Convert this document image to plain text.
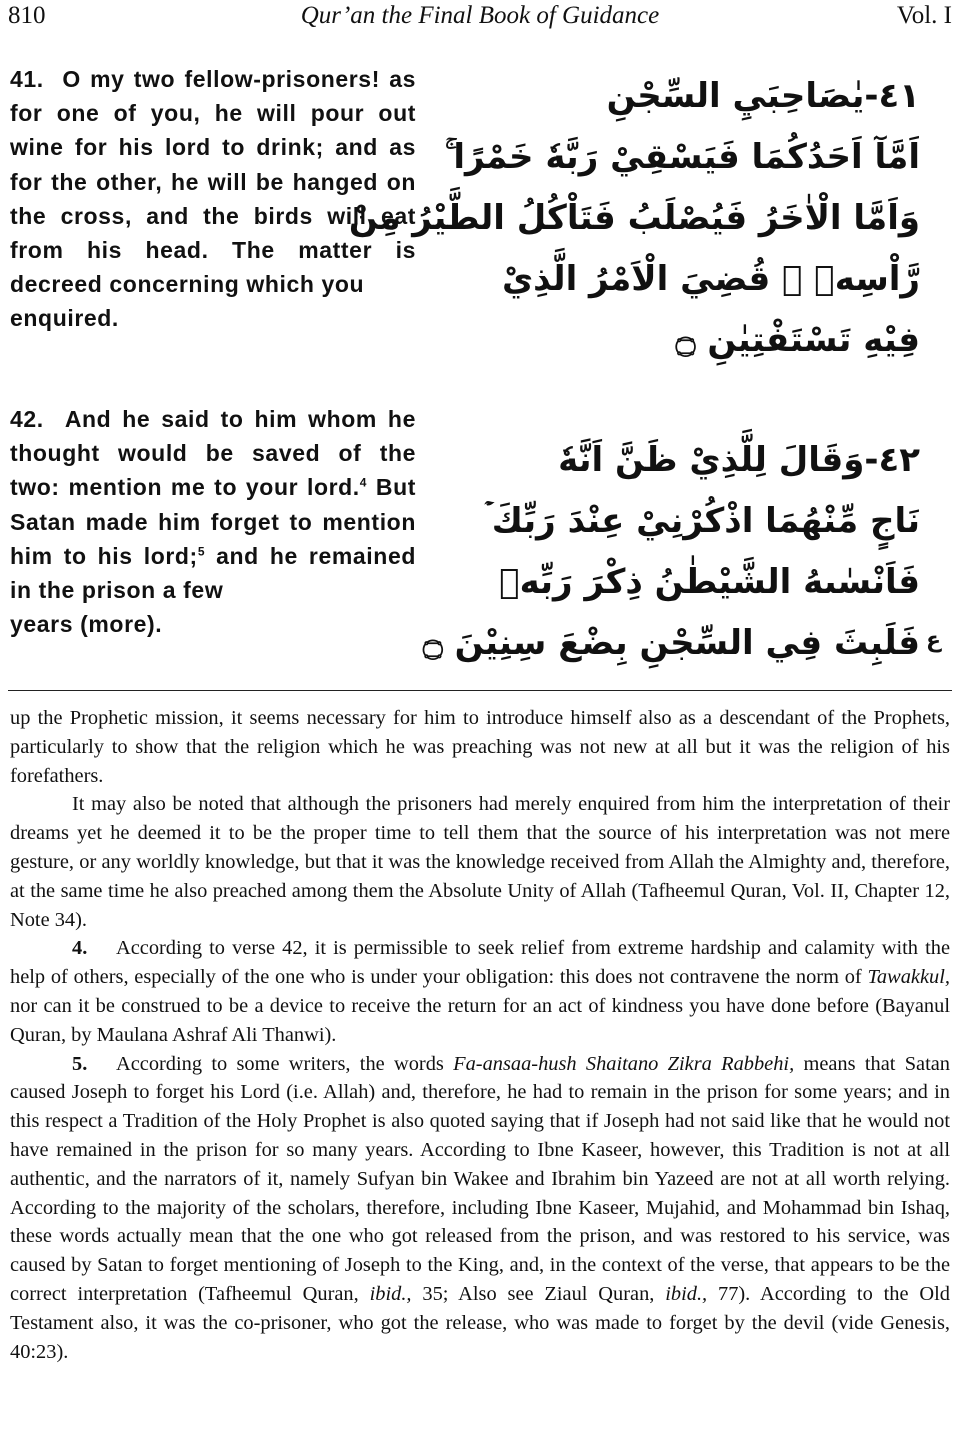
810	Qur’an the Final Book of Guidance	Vol. I
41. O my two fellow-prisoners! as for one of you, he will pour out wine for his lord to drink; and as for the other, he will be hanged on the cross, and the birds will eat from his head. The matter is decreed concerning which you
enquired.
٤١-يٰصَاحِبَيِ السِّجْنِ
اَمَّآ اَحَدُكُمَا فَيَسْقِيْ رَبَّهٗ خَمْرًا ۚ
وَاَمَّا الْاٰخَرُ فَيُصْلَبُ فَتَاْكُلُ الطَّيْرُ مِنْ
رَّاْسِهٖ ۭ قُضِيَ الْاَمْرُ الَّذِيْ
فِيْهِ تَسْتَفْتِيٰنِ ۝
42. And he said to him whom he thought would be saved of the two: mention me to your lord.$^4$ But Satan made him forget to mention him to his lord;$^5$ and he remained in the prison a few
years (more).
٤٢-وَقَالَ لِلَّذِيْ ظَنَّ اَنَّهٗ
نَاجٍ مِّنْهُمَا اذْكُرْنِيْ عِنْدَ رَبِّكَ ۡ
فَاَنْسٰىهُ الشَّيْطٰنُ ذِكْرَ رَبِّهٖ
فَلَبِثَ فِي السِّجْنِ بِضْعَ سِنِيْنَ ۝ ع

up the Prophetic mission, it seems necessary for him to introduce himself also as a descendant of the Prophets, particularly to show that the religion which he was preaching was not new at all but it was the religion of his forefathers.

It may also be noted that although the prisoners had merely enquired from him the interpretation of their dreams yet he deemed it to be the proper time to tell them that the source of his interpretation was not mere gesture, or any worldly knowledge, but that it was the knowledge received from Allah the Almighty and, therefore, at the same time he also preached among them the Absolute Unity of Allah (Tafheemul Quran, Vol. II, Chapter 12, Note 34).

4. According to verse 42, it is permissible to seek relief from extreme hardship and calamity with the help of others, especially of the one who is under your obligation: this does not contravene the norm of Tawakkul, nor can it be construed to be a device to receive the return for an act of kindness you have done before (Bayanul Quran, by Maulana Ashraf Ali Thanwi).

5. According to some writers, the words Fa-ansaa-hush Shaitano Zikra Rabbehi, means that Satan caused Joseph to forget his Lord (i.e. Allah) and, therefore, he had to remain in the prison for some years; and in this respect a Tradition of the Holy Prophet is also quoted saying that if Joseph had not said like that he would not have remained in the prison for so many years. According to Ibne Kaseer, however, this Tradition is not at all authentic, and the narrators of it, namely Sufyan bin Wakee and Ibrahim bin Yazeed are not at all worth relying. According to the majority of the scholars, therefore, including Ibne Kaseer, Mujahid, and Mohammad bin Ishaq, these words actually mean that the one who got released from the prison, and was restored to his service, was caused by Satan to forget mentioning of Joseph to the King, and, in the context of the verse, that appears to be the correct interpretation (Tafheemul Quran, ibid., 35; Also see Ziaul Quran, ibid., 77). According to the Old Testament also, it was the co-prisoner, who got the release, who was made to forget by the devil (vide Genesis, 40:23).
